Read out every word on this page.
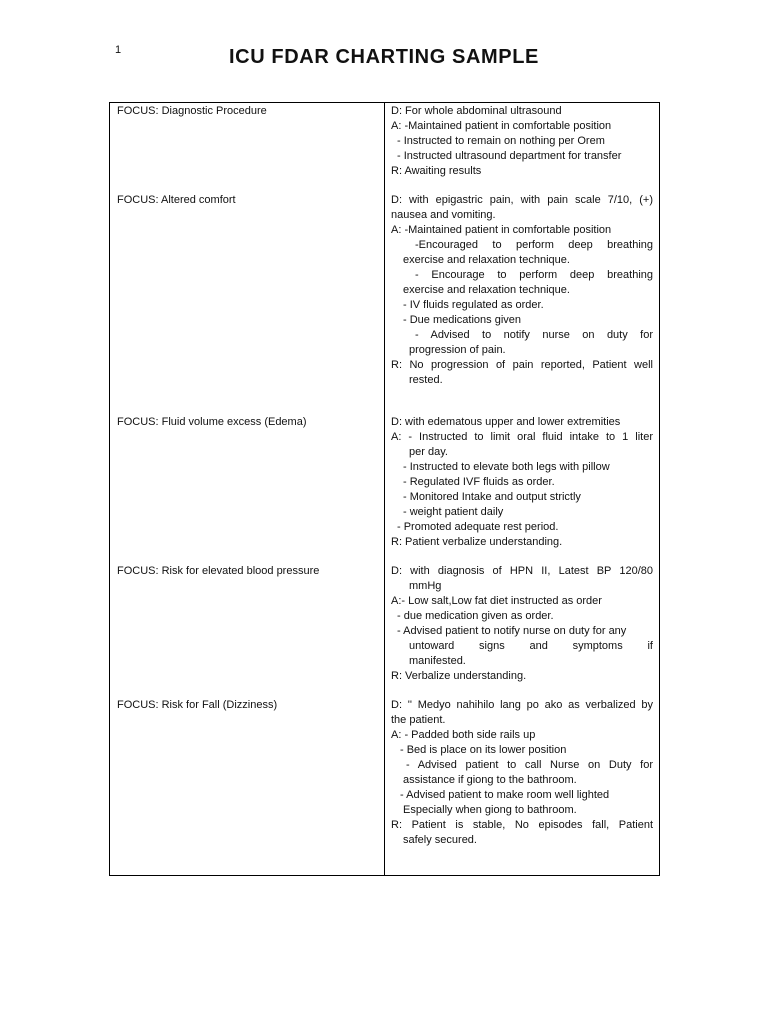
1	ICU FDAR CHARTING SAMPLE
FOCUS: Diagnostic Procedure	D: For whole abdominal ultrasound
A: -Maintained patient in comfortable position
- Instructed to remain on nothing per Orem
- Instructed ultrasound department for transfer
R: Awaiting results
FOCUS: Altered comfort	D: with epigastric pain, with pain scale 7/10, (+)
nausea and vomiting.
A: -Maintained patient in comfortable position
-Encouraged to perform deep breathing
exercise and relaxation technique.
- Encourage to perform deep breathing
exercise and relaxation technique.
- IV fluids regulated as order.
- Due medications given
- Advised to notify nurse on duty for
progression of pain.
R: No progression of pain reported, Patient well
rested.
FOCUS: Fluid volume excess (Edema)	D: with edematous upper and lower extremities
A: - Instructed to limit oral fluid intake to 1 liter
per day.
- Instructed to elevate both legs with pillow
- Regulated IVF fluids as order.
- Monitored Intake and output strictly
- weight patient daily
- Promoted adequate rest period.
R: Patient verbalize understanding.
FOCUS: Risk for elevated blood pressure	D: with diagnosis of HPN II, Latest BP 120/80
mmHg
A:- Low salt,Low fat diet instructed as order
- due medication given as order.
- Advised patient to notify nurse on duty for any
untoward signs and symptoms if
manifested.
R: Verbalize understanding.
FOCUS: Risk for Fall (Dizziness)	D: '' Medyo nahihilo lang po ako as verbalized by
the patient.
A: - Padded both side rails up
- Bed is place on its lower position
- Advised patient to call Nurse on Duty for
assistance if giong to the bathroom.
- Advised patient to make room well lighted
Especially when giong to bathroom.
R: Patient is stable, No episodes fall, Patient
safely secured.
